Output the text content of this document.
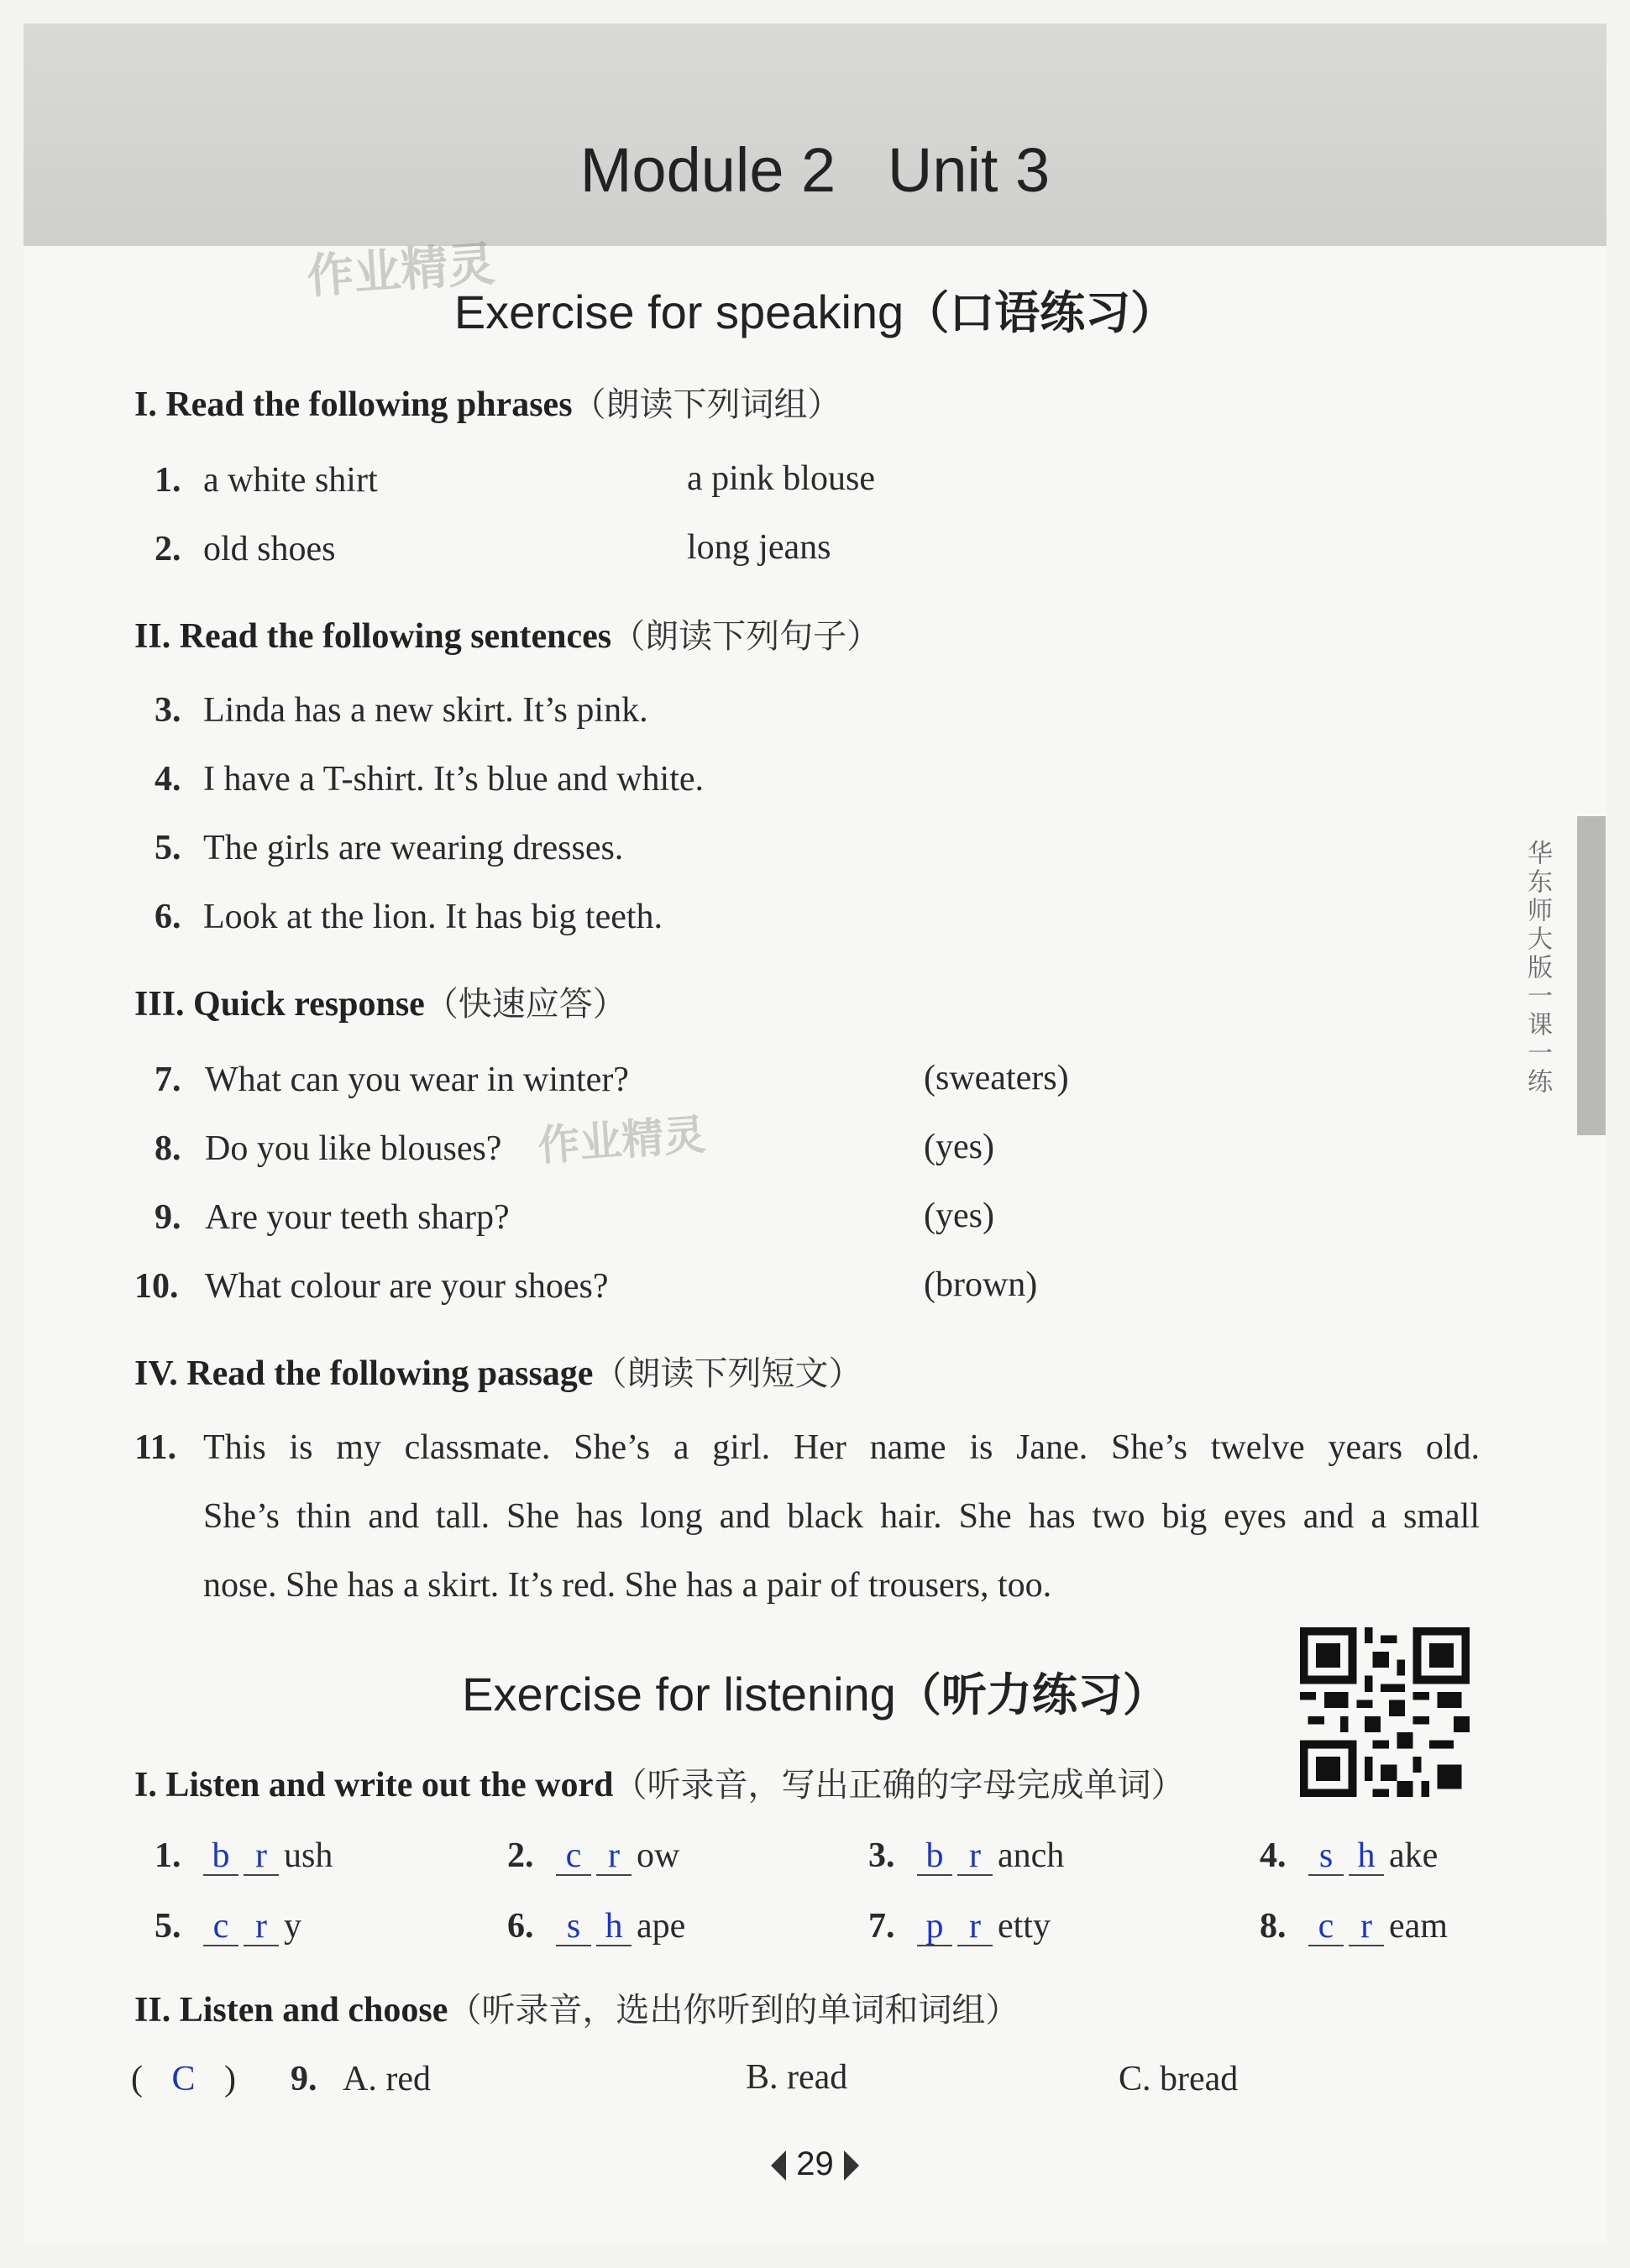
Module 2   Unit 3
作业精灵
作业精灵
Exercise for speaking（口语练习）
I. Read the following phrases（朗读下列词组）
1. a white shirt	a pink blouse
2. old shoes	long jeans
II. Read the following sentences（朗读下列句子）
3. Linda has a new skirt. It’s pink.
4. I have a T-shirt. It’s blue and white.
5. The girls are wearing dresses.
6. Look at the lion. It has big teeth.
III. Quick response（快速应答）
7. What can you wear in winter?	(sweaters)
8. Do you like blouses?	(yes)
9. Are your teeth sharp?	(yes)
10. What colour are your shoes?	(brown)
IV. Read the following passage（朗读下列短文）
11. This is my classmate. She’s a girl. Her name is Jane. She’s twelve years old.
She’s thin and tall. She has long and black hair. She has two big eyes and a small
nose. She has a skirt. It’s red. She has a pair of trousers, too.
Exercise for listening（听力练习）
I. Listen and write out the word（听录音，写出正确的字母完成单词）
1. b r ush	2. c r ow	3. b r anch	4. s h ake
5. c r y	6. s h ape	7. p r etty	8. c r eam
II. Listen and choose（听录音，选出你听到的单词和词组）
( C ) 9. A. red	B. read	C. bread
华东师大版一课一练
29
